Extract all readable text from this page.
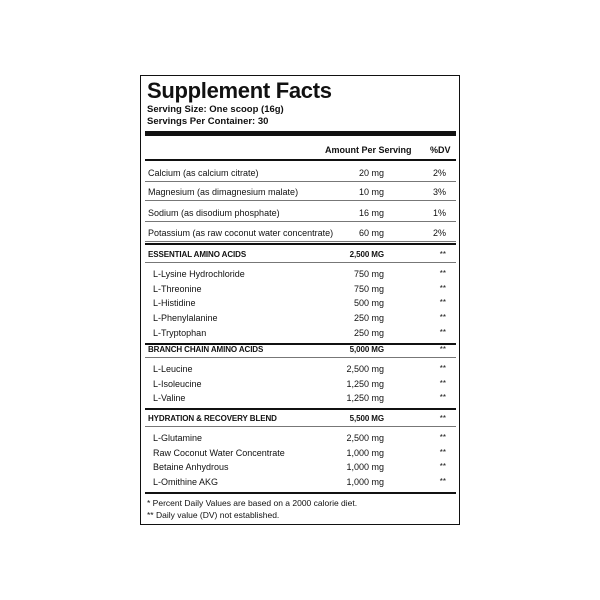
Supplement Facts
Serving Size: One scoop (16g)
Servings Per Container: 30
Amount Per Serving %DV
Calcium (as calcium citrate)	20 mg	2%
Magnesium (as dimagnesium malate)	10 mg	3%
Sodium (as disodium phosphate)	16 mg	1%
Potassium (as raw coconut water concentrate)	60 mg	2%
ESSENTIAL AMINO ACIDS	2,500 MG	**
L-Lysine Hydrochloride	750 mg	**
L-Threonine	750 mg	**
L-Histidine	500 mg	**
L-Phenylalanine	250 mg	**
L-Tryptophan	250 mg	**
BRANCH CHAIN AMINO ACIDS	5,000 MG	**
L-Leucine	2,500 mg	**
L-Isoleucine	1,250 mg	**
L-Valine	1,250 mg	**
HYDRATION & RECOVERY BLEND	5,500 MG	**
L-Glutamine	2,500 mg	**
Raw Coconut Water Concentrate	1,000 mg	**
Betaine Anhydrous	1,000 mg	**
L-Omithine AKG	1,000 mg	**
* Percent Daily Values are based on a 2000 calorie diet.
** Daily value (DV) not established.
